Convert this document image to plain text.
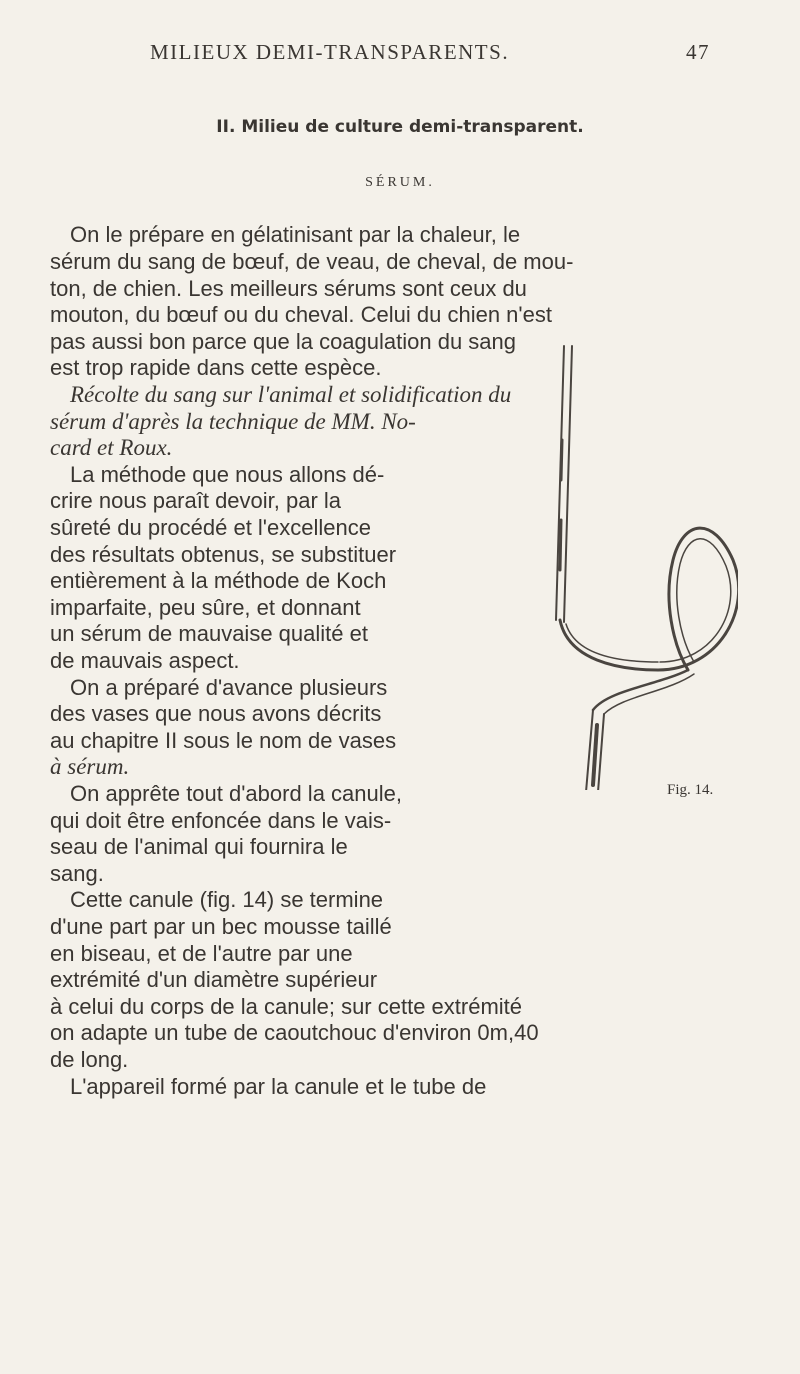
MILIEUX DEMI-TRANSPARENTS.	47
II. Milieu de culture demi-transparent.
SÉRUM.
On le prépare en gélatinisant par la chaleur, le
sérum du sang de bœuf, de veau, de cheval, de mou-
ton, de chien. Les meilleurs sérums sont ceux du
mouton, du bœuf ou du cheval. Celui du chien n'est
pas aussi bon parce que la coagulation du sang
est trop rapide dans cette espèce.
Récolte du sang sur l'animal et solidification du
sérum d'après la technique de MM. No-
card et Roux.
La méthode que nous allons dé-
crire nous paraît devoir, par la
sûreté du procédé et l'excellence
des résultats obtenus, se substituer
entièrement à la méthode de Koch
imparfaite, peu sûre, et donnant
un sérum de mauvaise qualité et
de mauvais aspect.
On a préparé d'avance plusieurs
des vases que nous avons décrits
au chapitre II sous le nom de vases
à sérum.
On apprête tout d'abord la canule,
qui doit être enfoncée dans le vais-
seau de l'animal qui fournira le
sang.
Cette canule (fig. 14) se termine
d'une part par un bec mousse taillé
en biseau, et de l'autre par une
extrémité d'un diamètre supérieur
à celui du corps de la canule; sur cette extrémité
on adapte un tube de caoutchouc d'environ 0m,40
de long.
L'appareil formé par la canule et le tube de
Fig. 14.
